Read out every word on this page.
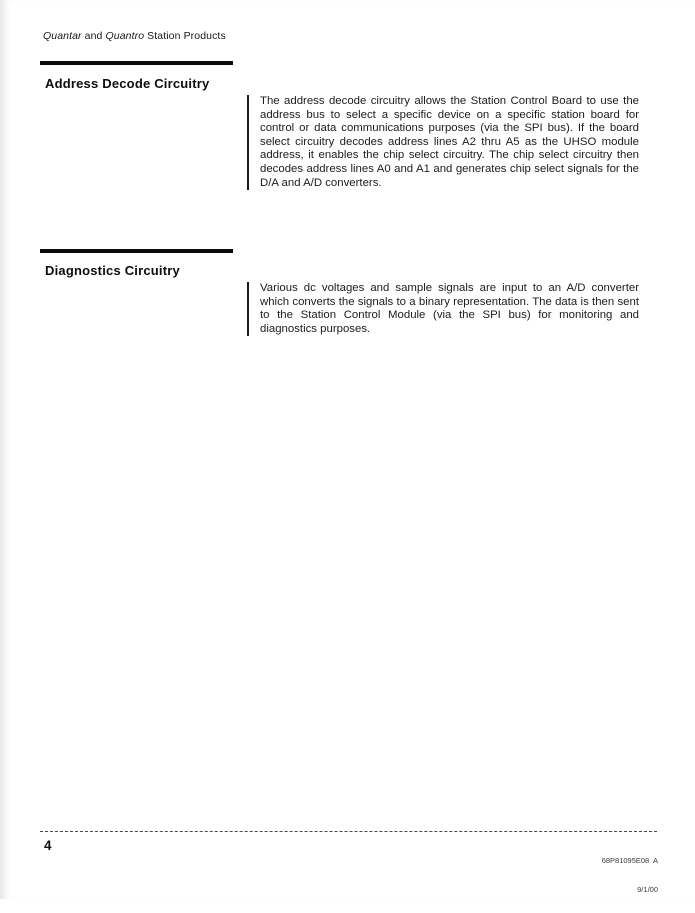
Quantar and Quantro Station Products
Address Decode Circuitry
The address decode circuitry allows the Station Control Board to use the address bus to select a specific device on a specific station board for control or data communications purposes (via the SPI bus). If the board select circuitry decodes address lines A2 thru A5 as the UHSO module address, it enables the chip select circuitry. The chip select circuitry then decodes address lines A0 and A1 and generates chip select signals for the D/A and A/D converters.
Diagnostics Circuitry
Various dc voltages and sample signals are input to an A/D converter which converts the signals to a binary representation. The data is then sent to the Station Control Module (via the SPI bus) for monitoring and diagnostics purposes.
4

68P81095E08  A

9/1/00
